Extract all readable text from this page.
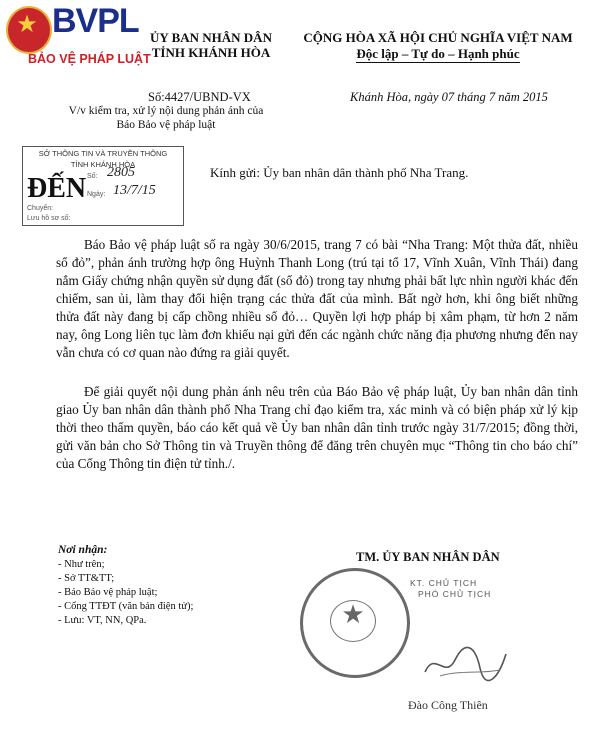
★ BVPL
BẢO VỆ PHÁP LUẬT
ỦY BAN NHÂN DÂN
TỈNH KHÁNH HÒA
CỘNG HÒA XÃ HỘI CHỦ NGHĨA VIỆT NAM
Độc lập – Tự do – Hạnh phúc
Số:4427/UBND-VX	Khánh Hòa, ngày 07 tháng 7 năm 2015
V/v kiểm tra, xử lý nội dung phản ánh của
Báo Bảo vệ pháp luật
SỞ THÔNG TIN VÀ TRUYỀN THÔNG
TỈNH KHÁNH HÒA
ĐẾN Số: 2805
Ngày: 13/7/15
Chuyển:
Lưu hồ sơ số:
Kính gửi: Ủy ban nhân dân thành phố Nha Trang.

Báo Bảo vệ pháp luật số ra ngày 30/6/2015, trang 7 có bài “Nha Trang: Một thửa đất, nhiều sổ đỏ”, phản ánh trường hợp ông Huỳnh Thanh Long (trú tại tổ 17, Vĩnh Xuân, Vĩnh Thái) đang nắm Giấy chứng nhận quyền sử dụng đất (sổ đỏ) trong tay nhưng phải bất lực nhìn người khác đến chiếm, san ủi, làm thay đổi hiện trạng các thửa đất của mình. Bất ngờ hơn, khi ông biết những thửa đất này đang bị cấp chồng nhiều sổ đỏ… Quyền lợi hợp pháp bị xâm phạm, từ hơn 2 năm nay, ông Long liên tục làm đơn khiếu nại gửi đến các ngành chức năng địa phương nhưng đến nay vẫn chưa có cơ quan nào đứng ra giải quyết.

Để giải quyết nội dung phản ánh nêu trên của Báo Bảo vệ pháp luật, Ủy ban nhân dân tỉnh giao Ủy ban nhân dân thành phố Nha Trang chỉ đạo kiểm tra, xác minh và có biện pháp xử lý kịp thời theo thẩm quyền, báo cáo kết quả về Ủy ban nhân dân tỉnh trước ngày 31/7/2015; đồng thời, gửi văn bản cho Sở Thông tin và Truyền thông để đăng trên chuyên mục “Thông tin cho báo chí” của Cổng Thông tin điện tử tỉnh./.

Nơi nhận:
- Như trên;
- Sở TT&TT;
- Báo Bảo vệ pháp luật;
- Cổng TTĐT (văn bản điện tử);
- Lưu: VT, NN, QPa.
TM. ỦY BAN NHÂN DÂN
★
KT. CHỦ TỊCH
PHÓ CHỦ TỊCH
Đào Công Thiên
